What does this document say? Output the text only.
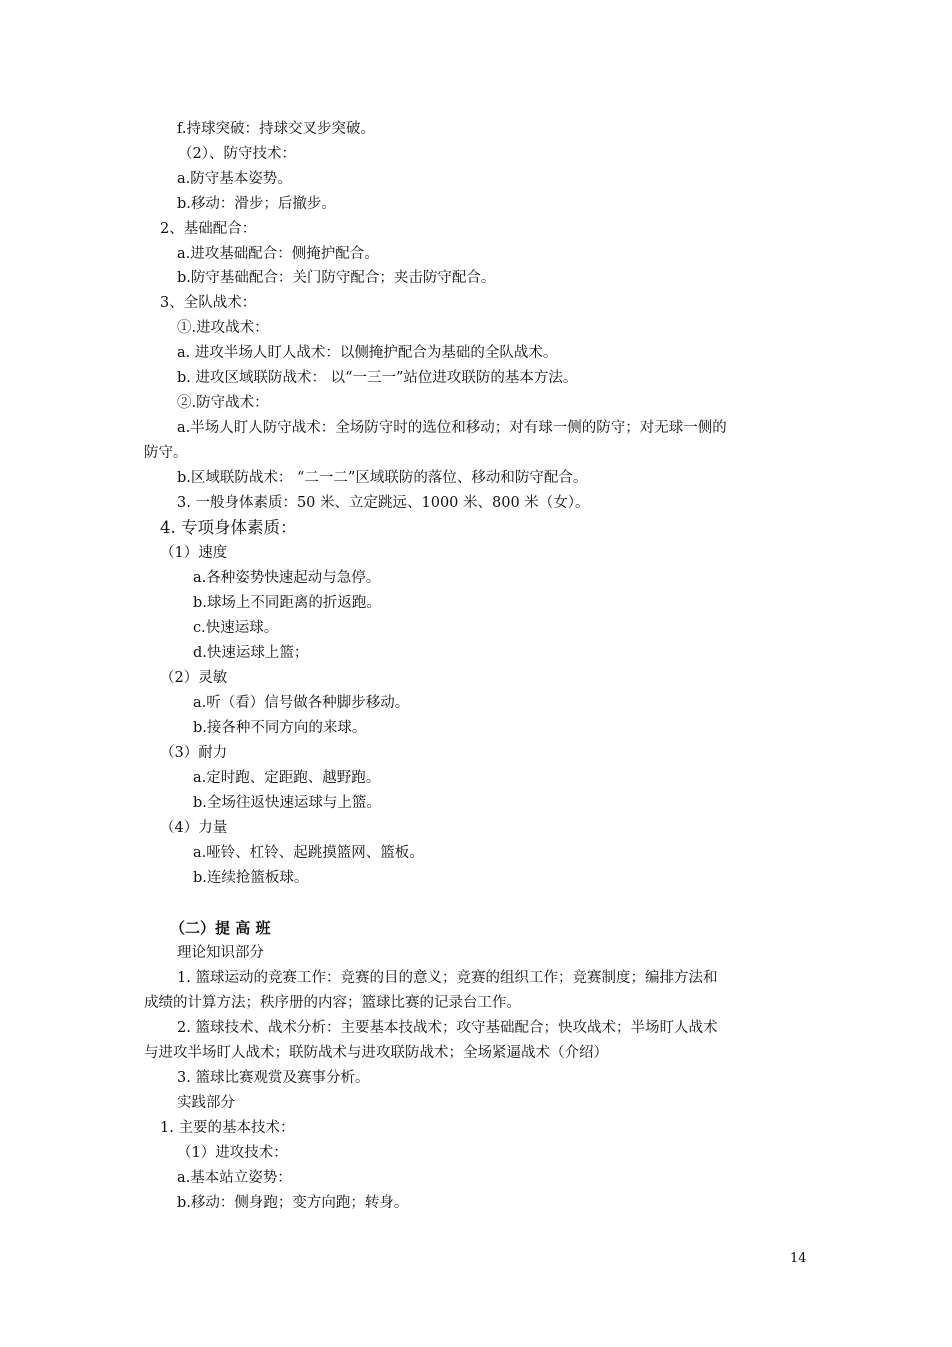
f.持球突破：持球交叉步突破。
（2）、防守技术：
a.防守基本姿势。
b.移动：滑步；后撤步。
2、基础配合：
a.进攻基础配合：侧掩护配合。
b.防守基础配合：关门防守配合；夹击防守配合。
3、全队战术：
①.进攻战术：
a. 进攻半场人盯人战术：以侧掩护配合为基础的全队战术。
b. 进攻区域联防战术： 以“一三一”站位进攻联防的基本方法。
②.防守战术：
a.半场人盯人防守战术：全场防守时的选位和移动；对有球一侧的防守；对无球一侧的
防守。
b.区域联防战术： “二一二”区域联防的落位、移动和防守配合。
3. 一般身体素质：50 米、立定跳远、1000 米、800 米（女）。
4. 专项身体素质：
（1）速度
a.各种姿势快速起动与急停。
b.球场上不同距离的折返跑。
c.快速运球。
d.快速运球上篮；
（2）灵敏
a.听（看）信号做各种脚步移动。
b.接各种不同方向的来球。
（3）耐力
a.定时跑、定距跑、越野跑。
b.全场往返快速运球与上篮。
（4）力量
a.哑铃、杠铃、起跳摸篮网、篮板。
b.连续抢篮板球。
（二）提 高 班
理论知识部分
1. 篮球运动的竞赛工作：竞赛的目的意义；竞赛的组织工作；竞赛制度；编排方法和
成绩的计算方法；秩序册的内容；篮球比赛的记录台工作。
2. 篮球技术、战术分析：主要基本技战术；攻守基础配合；快攻战术；半场盯人战术
与进攻半场盯人战术；联防战术与进攻联防战术；全场紧逼战术（介绍）
3. 篮球比赛观赏及赛事分析。
实践部分
1. 主要的基本技术：
（1）进攻技术：
a.基本站立姿势：
b.移动：侧身跑；变方向跑；转身。
14
